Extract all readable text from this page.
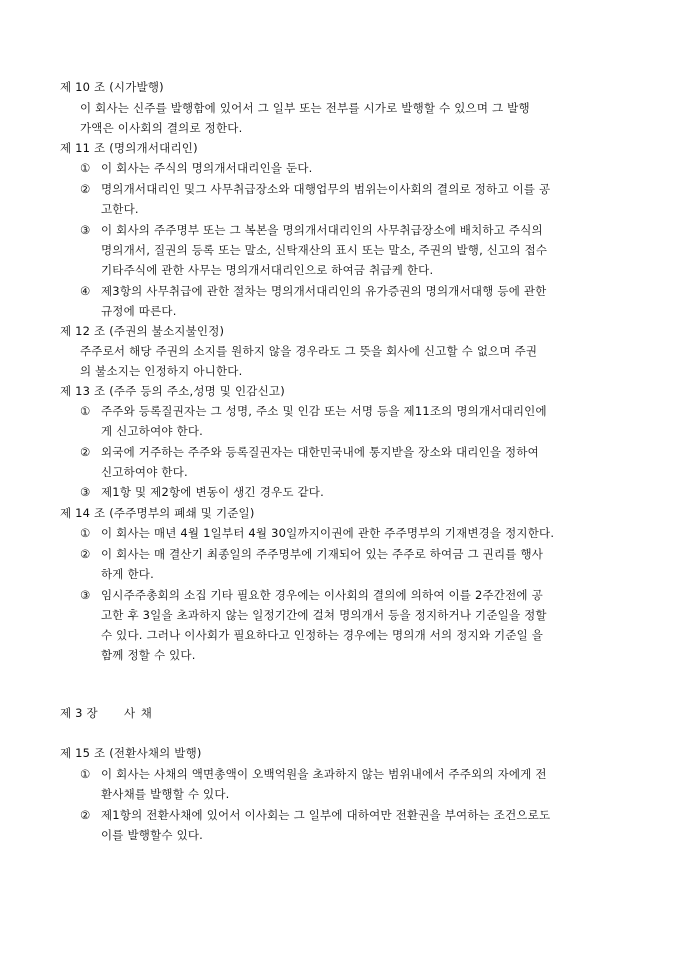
제 10 조 (시가발행)
이 회사는 신주를 발행함에 있어서 그 일부 또는 전부를 시가로 발행할 수 있으며 그 발행
가액은 이사회의 결의로 정한다.
제 11 조 (명의개서대리인)
① 이 회사는 주식의 명의개서대리인을 둔다.
② 명의개서대리인 및그 사무취급장소와 대행업무의 범위는이사회의 결의로 정하고 이를 공
고한다.
③ 이 회사의 주주명부 또는 그 복본을 명의개서대리인의 사무취급장소에 배치하고 주식의
명의개서, 질권의 등록 또는 말소, 신탁재산의 표시 또는 말소, 주권의 발행, 신고의 접수
기타주식에 관한 사무는 명의개서대리인으로 하여금 취급케 한다.
④ 제3항의 사무취급에 관한 절차는 명의개서대리인의 유가증권의 명의개서대행 등에 관한
규정에 따른다.
제 12 조 (주권의 불소지불인정)
주주로서 해당 주권의 소지를 원하지 않을 경우라도 그 뜻을 회사에 신고할 수 없으며 주권
의 불소지는 인정하지 아니한다.
제 13 조 (주주 등의 주소,성명 및 인감신고)
① 주주와 등록질권자는 그 성명, 주소 및 인감 또는 서명 등을 제11조의 명의개서대리인에
게 신고하여야 한다.
② 외국에 거주하는 주주와 등록질권자는 대한민국내에 통지받을 장소와 대리인을 정하여
신고하여야 한다.
③ 제1항 및 제2항에 변동이 생긴 경우도 같다.
제 14 조 (주주명부의 폐쇄 및 기준일)
① 이 회사는 매년 4월 1일부터 4월 30일까지이권에 관한 주주명부의 기재변경을 정지한다.
② 이 회사는 매 결산기 최종일의 주주명부에 기재되어 있는 주주로 하여금 그 권리를 행사
하게 한다.
③ 임시주주총회의 소집 기타 필요한 경우에는 이사회의 결의에 의하여 이를 2주간전에 공
고한 후 3일을 초과하지 않는 일정기간에 걸쳐 명의개서 등을 정지하거나 기준일을 정할
수 있다. 그러나 이사회가 필요하다고 인정하는 경우에는 명의개 서의 정지와 기준일 을
함께 정할 수 있다.
제 3 장 사 채
제 15 조 (전환사채의 발행)
① 이 회사는 사채의 액면총액이 오백억원을 초과하지 않는 범위내에서 주주외의 자에게 전
환사채를 발행할 수 있다.
② 제1항의 전환사채에 있어서 이사회는 그 일부에 대하여만 전환권을 부여하는 조건으로도
이를 발행할수 있다.
